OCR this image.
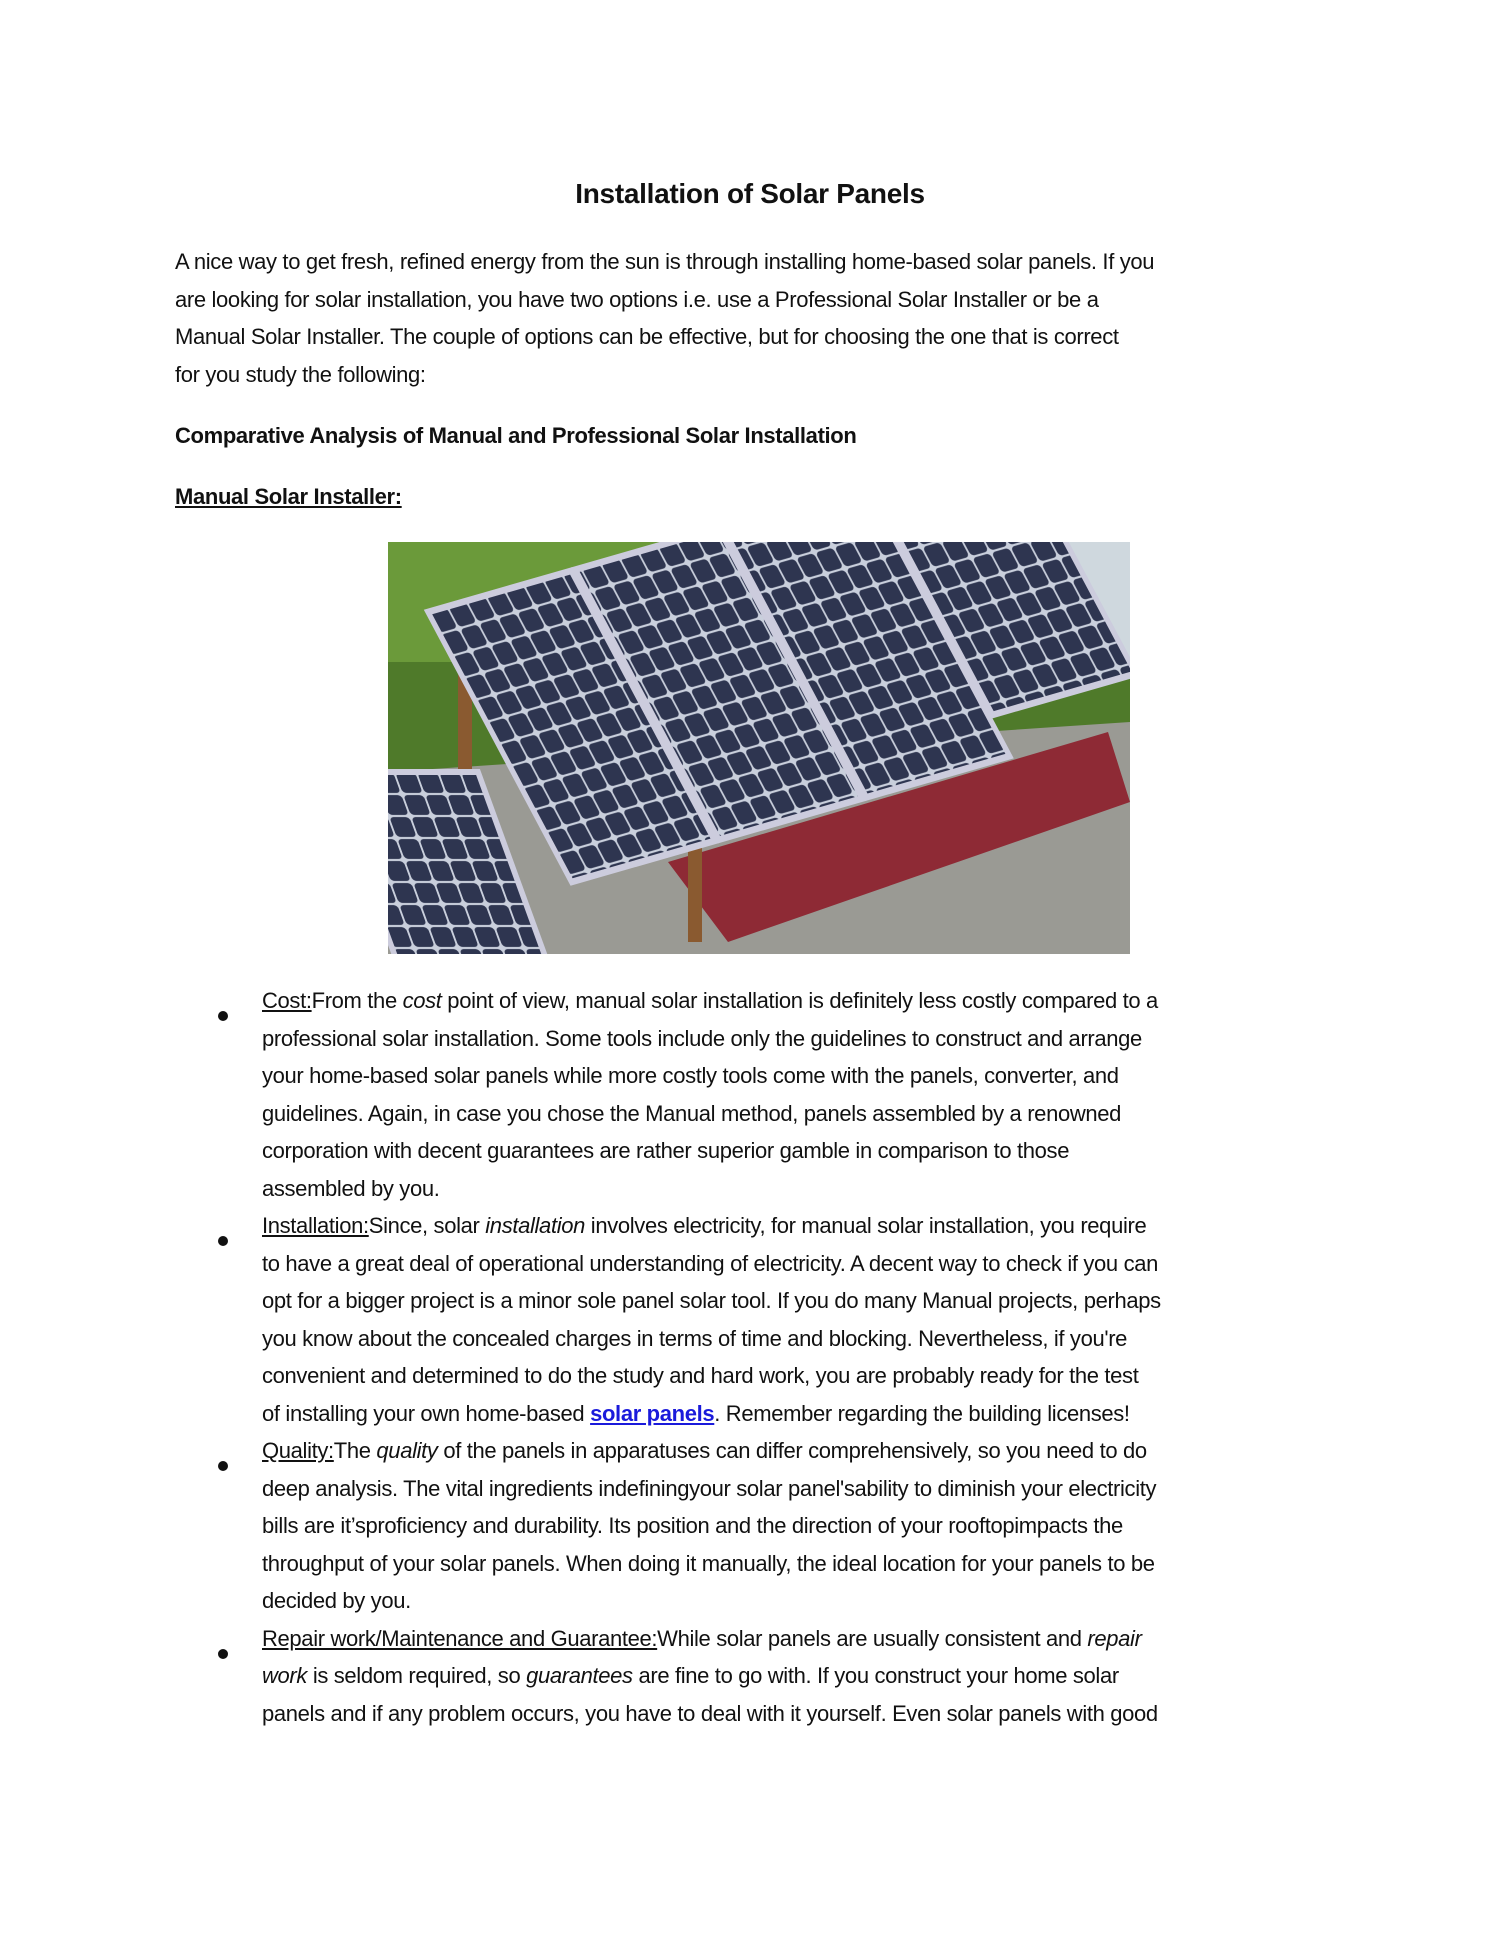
Installation of Solar Panels
A nice way to get fresh, refined energy from the sun is through installing home-based solar panels. If you
are looking for solar installation, you have two options i.e. use a Professional Solar Installer or be a
Manual Solar Installer. The couple of options can be effective, but for choosing the one that is correct
for you study the following:
Comparative Analysis of Manual and Professional Solar Installation
Manual Solar Installer:
Cost:From the cost point of view, manual solar installation is definitely less costly compared to a
professional solar installation. Some tools include only the guidelines to construct and arrange
your home-based solar panels while more costly tools come with the panels, converter, and
guidelines. Again, in case you chose the Manual method, panels assembled by a renowned
corporation with decent guarantees are rather superior gamble in comparison to those
assembled by you.
Installation:Since, solar installation involves electricity, for manual solar installation, you require
to have a great deal of operational understanding of electricity. A decent way to check if you can
opt for a bigger project is a minor sole panel solar tool. If you do many Manual projects, perhaps
you know about the concealed charges in terms of time and blocking. Nevertheless, if you're
convenient and determined to do the study and hard work, you are probably ready for the test
of installing your own home-based solar panels. Remember regarding the building licenses!
Quality:The quality of the panels in apparatuses can differ comprehensively, so you need to do
deep analysis. The vital ingredients indefiningyour solar panel'sability to diminish your electricity
bills are it’sproficiency and durability. Its position and the direction of your rooftopimpacts the
throughput of your solar panels. When doing it manually, the ideal location for your panels to be
decided by you.
Repair work/Maintenance and Guarantee:While solar panels are usually consistent and repair
work is seldom required, so guarantees are fine to go with. If you construct your home solar
panels and if any problem occurs, you have to deal with it yourself. Even solar panels with good
